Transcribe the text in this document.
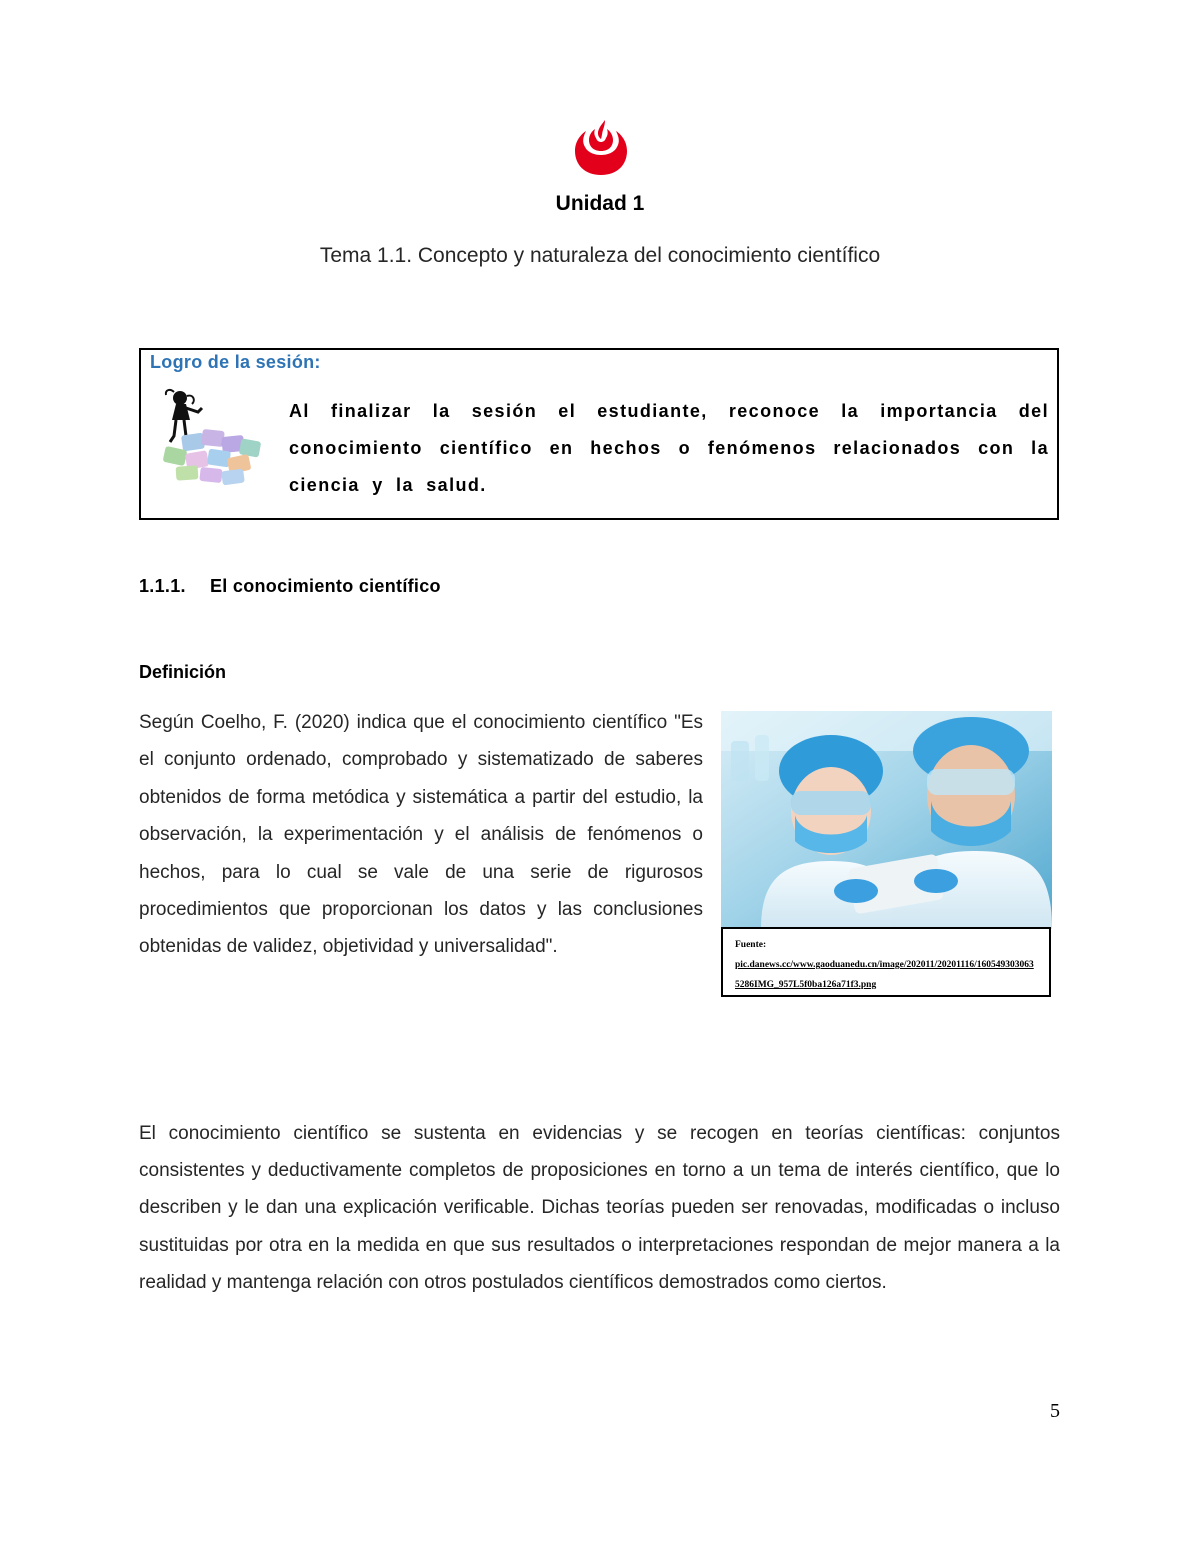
Unidad 1
Tema 1.1. Concepto y naturaleza del conocimiento científico
Logro de la sesión:
Al finalizar la sesión el estudiante, reconoce la importancia del conocimiento científico en hechos o fenómenos relacionados con la ciencia y la salud.
1.1.1. El conocimiento científico
Definición
Según Coelho, F. (2020) indica que el conocimiento científico "Es el conjunto ordenado, comprobado y sistematizado de saberes obtenidos de forma metódica y sistemática a partir del estudio, la observación, la experimentación y el análisis de fenómenos o hechos, para lo cual se vale de una serie de rigurosos procedimientos que proporcionan los datos y las conclusiones obtenidas de validez, objetividad y universalidad".	Fuente:
pic.danews.cc/www.gaoduanedu.cn/image/202011/20201116/1605493030635286IMG_957L5f0ba126a71f3.png
El conocimiento científico se sustenta en evidencias y se recogen en teorías científicas: conjuntos consistentes y deductivamente completos de proposiciones en torno a un tema de interés científico, que lo describen y le dan una explicación verificable. Dichas teorías pueden ser renovadas, modificadas o incluso sustituidas por otra en la medida en que sus resultados o interpretaciones respondan de mejor manera a la realidad y mantenga relación con otros postulados científicos demostrados como ciertos.
5
